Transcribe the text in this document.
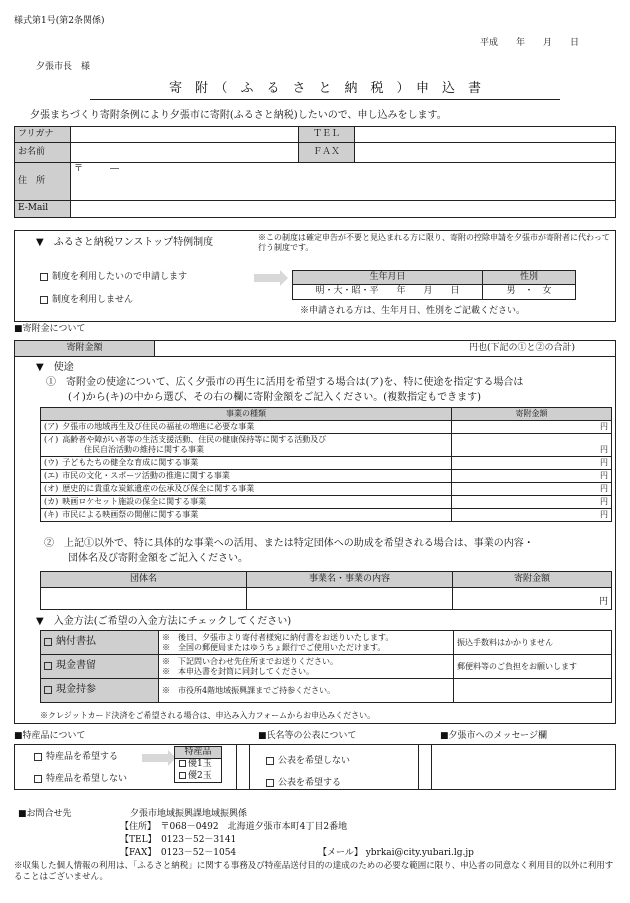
様式第1号(第2条関係)
平成　　年　　月　　日
夕張市長　様
寄　附　（　ふ　る　さ　と　納　税　）　申　込　書
夕張まちづくり寄附条例により夕張市に寄附(ふるさと納税)したいので、申し込みをします。
フリガナ		ＴＥＬ	
お名前		ＦＡＸ	
住　所	〒　　　―		
E-Mail			
▼　ふるさと納税ワンストップ特例制度	※この制度は確定申告が不要と見込まれる方に限り、寄附の控除申請を夕張市が寄附者に代わって行う制度です。
制度を利用したいので申請します
制度を利用しません
生年月日	性別
明・大・昭・平　　年　　月　　日	男　・　女
※申請される方は、生年月日、性別をご記載ください。
■寄附金について
寄附金額	円也(下記の①と②の合計)
▼　使途
①　寄附金の使途について、広く夕張市の再生に活用を希望する場合は(ア)を、特に使途を指定する場合は
(イ)から(キ)の中から選び、その右の欄に寄附金額をご記入ください。(複数指定もできます)
事業の種類	寄附金額
(ア) 夕張市の地域再生及び住民の福祉の増進に必要な事業	円
(イ) 高齢者や障がい者等の生活支援活動、住民の健康保持等に関する活動及び
住民自治活動の維持に関する事業	円
(ウ) 子どもたちの健全な育成に関する事業	円
(エ) 市民の文化・スポーツ活動の推進に関する事業	円
(オ) 歴史的に貴重な炭鉱遺産の伝承及び保全に関する事業	円
(カ) 映画ロケセット施設の保全に関する事業	円
(キ) 市民による映画祭の開催に関する事業	円
②　上記①以外で、特に具体的な事業への活用、または特定団体への助成を希望される場合は、事業の内容・
団体名及び寄附金額をご記入ください。
団体名	事業名・事業の内容	寄附金額
		円
▼　入金方法(ご希望の入金方法にチェックしてください)
納付書払	※　後日、夕張市より寄付者様宛に納付書をお送りいたします。
※　全国の郵便局またはゆうちょ銀行でご使用いただけます。	振込手数料はかかりません
現金書留	※　下記問い合わせ先住所までお送りください。
※　本申込書を封筒に同封してください。	郵便料等のご負担をお願いします
現金持参	※　市役所4階地域振興課までご持参ください。	

※クレジットカード決済をご希望される場合は、申込み入力フォームからお申込みください。
■特産品について	■氏名等の公表について	■夕張市へのメッセージ欄
特産品を希望する
特産品を希望しない
特産品
優1玉
優2玉
公表を希望しない
公表を希望する
■お問合せ先	夕張市地域振興課地域振興係
【住所】　 〒068－0492　北海道夕張市本町4丁目2番地
【TEL】　 0123－52－3141
【FAX】　 0123－52－1054	【メール】 ybrkai@city.yubari.lg.jp
※収集した個人情報の利用は、「ふるさと納税」に関する事務及び特産品送付目的の達成のための必要な範囲に限り、申込者の同意なく利用目的以外に利用することはございません。
